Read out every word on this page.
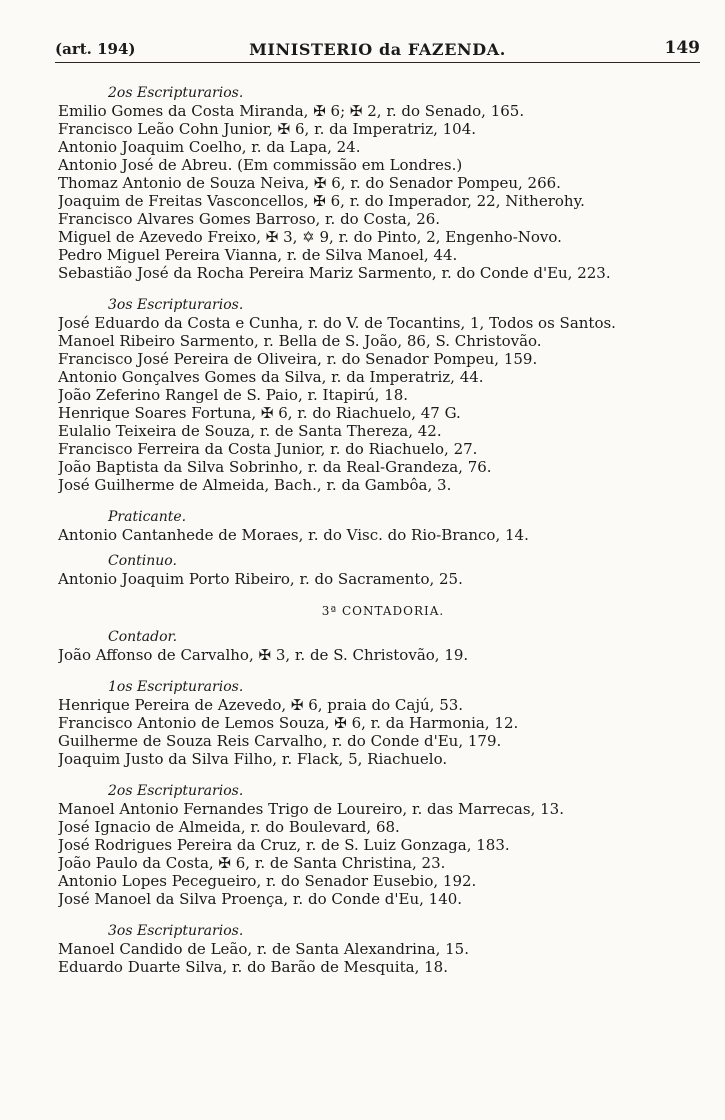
(art. 194)	MINISTERIO da FAZENDA.	149
2os Escripturarios.
Emilio Gomes da Costa Miranda, ✠ 6; ✠ 2, r. do Senado, 165.
Francisco Leão Cohn Junior, ✠ 6, r. da Imperatriz, 104.
Antonio Joaquim Coelho, r. da Lapa, 24.
Antonio José de Abreu. (Em commissão em Londres.)
Thomaz Antonio de Souza Neiva, ✠ 6, r. do Senador Pompeu, 266.
Joaquim de Freitas Vasconcellos, ✠ 6, r. do Imperador, 22, Nitherohy.
Francisco Alvares Gomes Barroso, r. do Costa, 26.
Miguel de Azevedo Freixo, ✠ 3, ✡ 9, r. do Pinto, 2, Engenho-Novo.
Pedro Miguel Pereira Vianna, r. de Silva Manoel, 44.
Sebastião José da Rocha Pereira Mariz Sarmento, r. do Conde d'Eu, 223.
3os Escripturarios.
José Eduardo da Costa e Cunha, r. do V. de Tocantins, 1, Todos os Santos.
Manoel Ribeiro Sarmento, r. Bella de S. João, 86, S. Christovão.
Francisco José Pereira de Oliveira, r. do Senador Pompeu, 159.
Antonio Gonçalves Gomes da Silva, r. da Imperatriz, 44.
João Zeferino Rangel de S. Paio, r. Itapirú, 18.
Henrique Soares Fortuna, ✠ 6, r. do Riachuelo, 47 G.
Eulalio Teixeira de Souza, r. de Santa Thereza, 42.
Francisco Ferreira da Costa Junior, r. do Riachuelo, 27.
João Baptista da Silva Sobrinho, r. da Real-Grandeza, 76.
José Guilherme de Almeida, Bach., r. da Gambôa, 3.
Praticante.
Antonio Cantanhede de Moraes, r. do Visc. do Rio-Branco, 14.
Continuo.
Antonio Joaquim Porto Ribeiro, r. do Sacramento, 25.
3ª CONTADORIA.
Contador.
João Affonso de Carvalho, ✠ 3, r. de S. Christovão, 19.
1os Escripturarios.
Henrique Pereira de Azevedo, ✠ 6, praia do Cajú, 53.
Francisco Antonio de Lemos Souza, ✠ 6, r. da Harmonia, 12.
Guilherme de Souza Reis Carvalho, r. do Conde d'Eu, 179.
Joaquim Justo da Silva Filho, r. Flack, 5, Riachuelo.
2os Escripturarios.
Manoel Antonio Fernandes Trigo de Loureiro, r. das Marrecas, 13.
José Ignacio de Almeida, r. do Boulevard, 68.
José Rodrigues Pereira da Cruz, r. de S. Luiz Gonzaga, 183.
João Paulo da Costa, ✠ 6, r. de Santa Christina, 23.
Antonio Lopes Pecegueiro, r. do Senador Eusebio, 192.
José Manoel da Silva Proença, r. do Conde d'Eu, 140.
3os Escripturarios.
Manoel Candido de Leão, r. de Santa Alexandrina, 15.
Eduardo Duarte Silva, r. do Barão de Mesquita, 18.
